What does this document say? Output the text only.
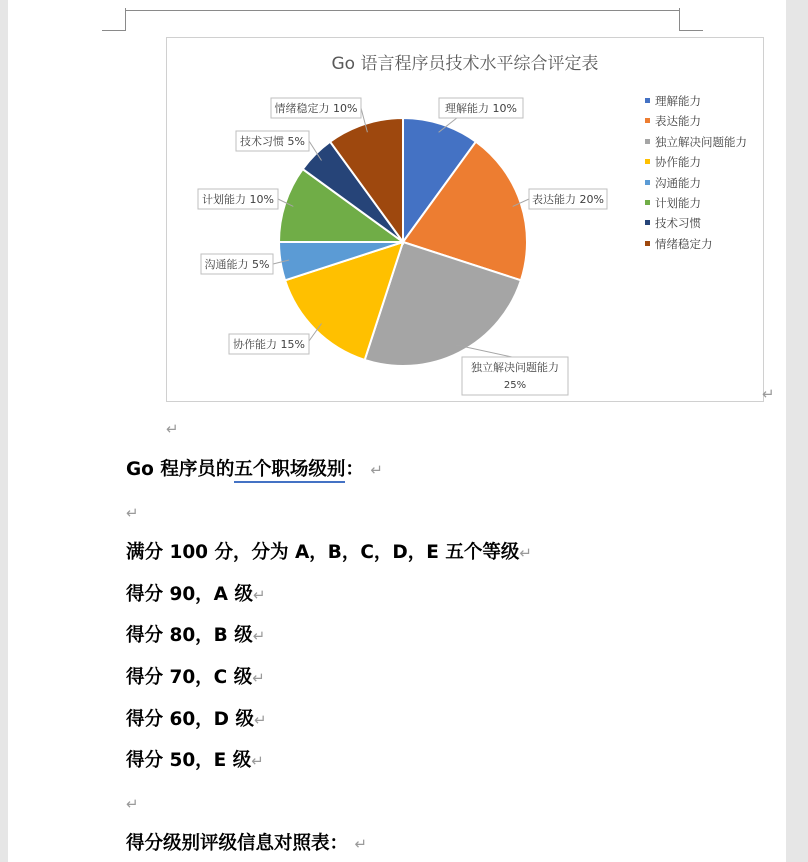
Go 语言程序员技术水平综合评定表
理解能力 10%
表达能力 20%
独立解决问题能力
25%
协作能力 15%
沟通能力 5%
计划能力 10%
技术习惯 5%
情绪稳定力 10%
理解能力
表达能力
独立解决问题能力
协作能力
沟通能力
计划能力
技术习惯
情绪稳定力
↵
↵
Go 程序员的五个职场级别： ↵
↵
满分 100 分，分为 A，B，C，D，E 五个等级↵
得分 90，A 级↵
得分 80，B 级↵
得分 70，C 级↵
得分 60，D 级↵
得分 50，E 级↵
↵
得分级别评级信息对照表： ↵
